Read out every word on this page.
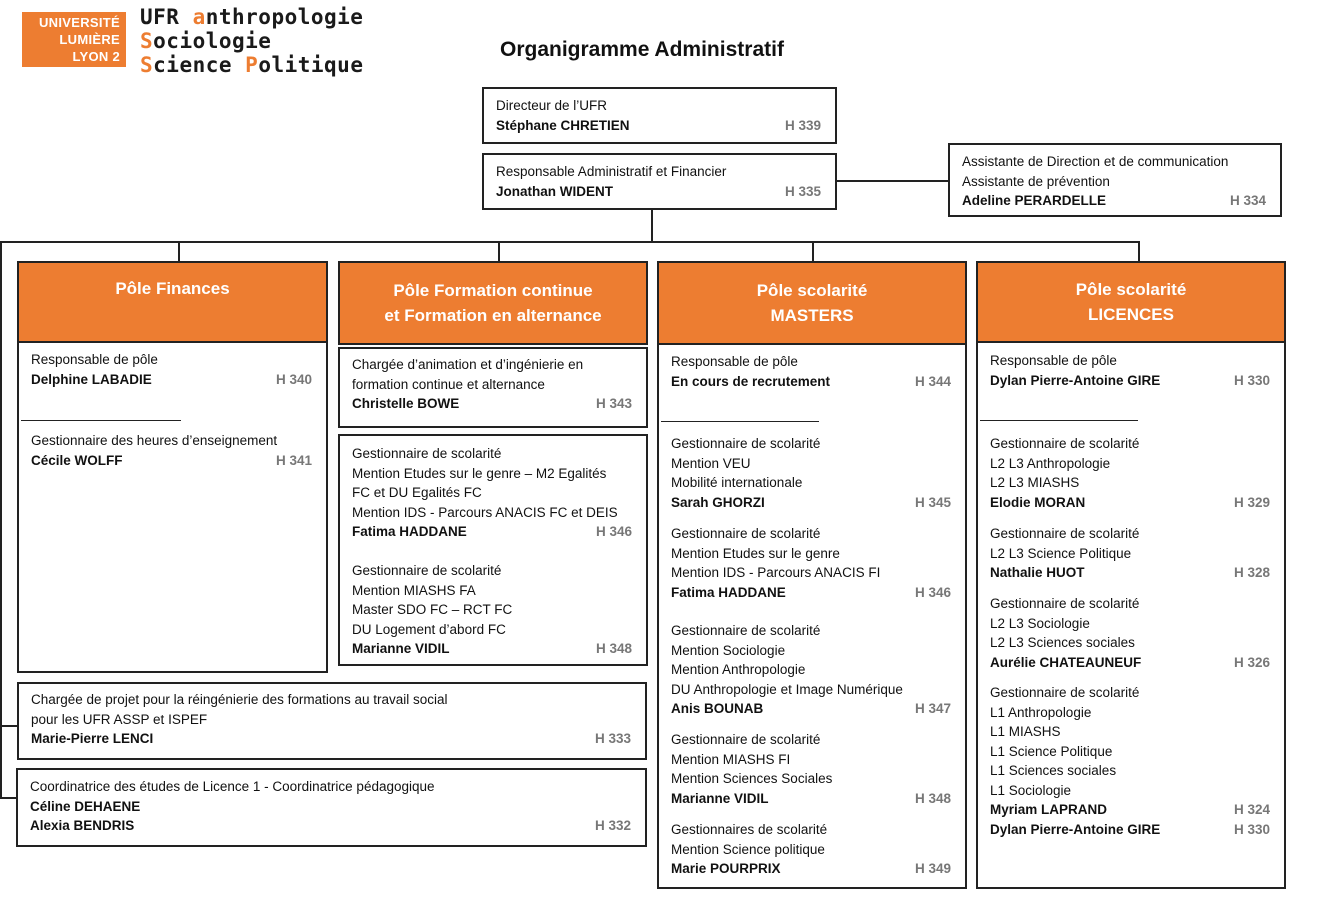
UNIVERSITÉ
LUMIÈRE
LYON 2
UFR anthropologie
Sociologie
Science Politique
Organigramme Administratif
Directeur de l’UFR
Stéphane CHRETIEN	H 339
Responsable Administratif et Financier
Jonathan WIDENT	H 335
Assistante de Direction et de communication
Assistante de prévention
Adeline PERARDELLE	H 334
Pôle Finances
Responsable de pôle
Delphine LABADIE	H 340
Gestionnaire des heures d’enseignement
Cécile WOLFF	H 341
Pôle Formation continue
et Formation en alternance
Chargée d’animation et d’ingénierie en
formation continue et alternance
Christelle BOWE	H 343
Gestionnaire de scolarité
Mention Etudes sur le genre – M2 Egalités
FC et DU Egalités FC
Mention IDS - Parcours ANACIS FC et DEIS
Fatima HADDANE	H 346
Gestionnaire de scolarité
Mention MIASHS FA
Master SDO FC – RCT FC
DU Logement d’abord FC
Marianne VIDIL	H 348
Pôle scolarité
MASTERS
Responsable de pôle
En cours de recrutement	H 344
Gestionnaire de scolarité
Mention VEU
Mobilité internationale
Sarah GHORZI	H 345
Gestionnaire de scolarité
Mention Etudes sur le genre
Mention IDS - Parcours ANACIS FI
Fatima HADDANE	H 346
Gestionnaire de scolarité
Mention Sociologie
Mention Anthropologie
DU Anthropologie et Image Numérique
Anis BOUNAB	H 347
Gestionnaire de scolarité
Mention MIASHS FI
Mention Sciences Sociales
Marianne VIDIL	H 348
Gestionnaires de scolarité
Mention Science politique
Marie POURPRIX	H 349
Pôle scolarité
LICENCES
Responsable de pôle
Dylan Pierre-Antoine GIRE	H 330
Gestionnaire de scolarité
L2 L3 Anthropologie
L2 L3 MIASHS
Elodie MORAN	H 329
Gestionnaire de scolarité
L2 L3 Science Politique
Nathalie HUOT	H 328
Gestionnaire de scolarité
L2 L3 Sociologie
L2 L3 Sciences sociales
Aurélie CHATEAUNEUF	H 326
Gestionnaire de scolarité
L1 Anthropologie
L1 MIASHS
L1 Science Politique
L1 Sciences sociales
L1 Sociologie
Myriam LAPRAND	H 324
Dylan Pierre-Antoine GIRE	H 330
Chargée de projet pour la réingénierie des formations au travail social
pour les UFR ASSP et ISPEF
Marie-Pierre LENCI	H 333
Coordinatrice des études de Licence 1 - Coordinatrice pédagogique
Céline DEHAENE
Alexia BENDRIS	H 332
